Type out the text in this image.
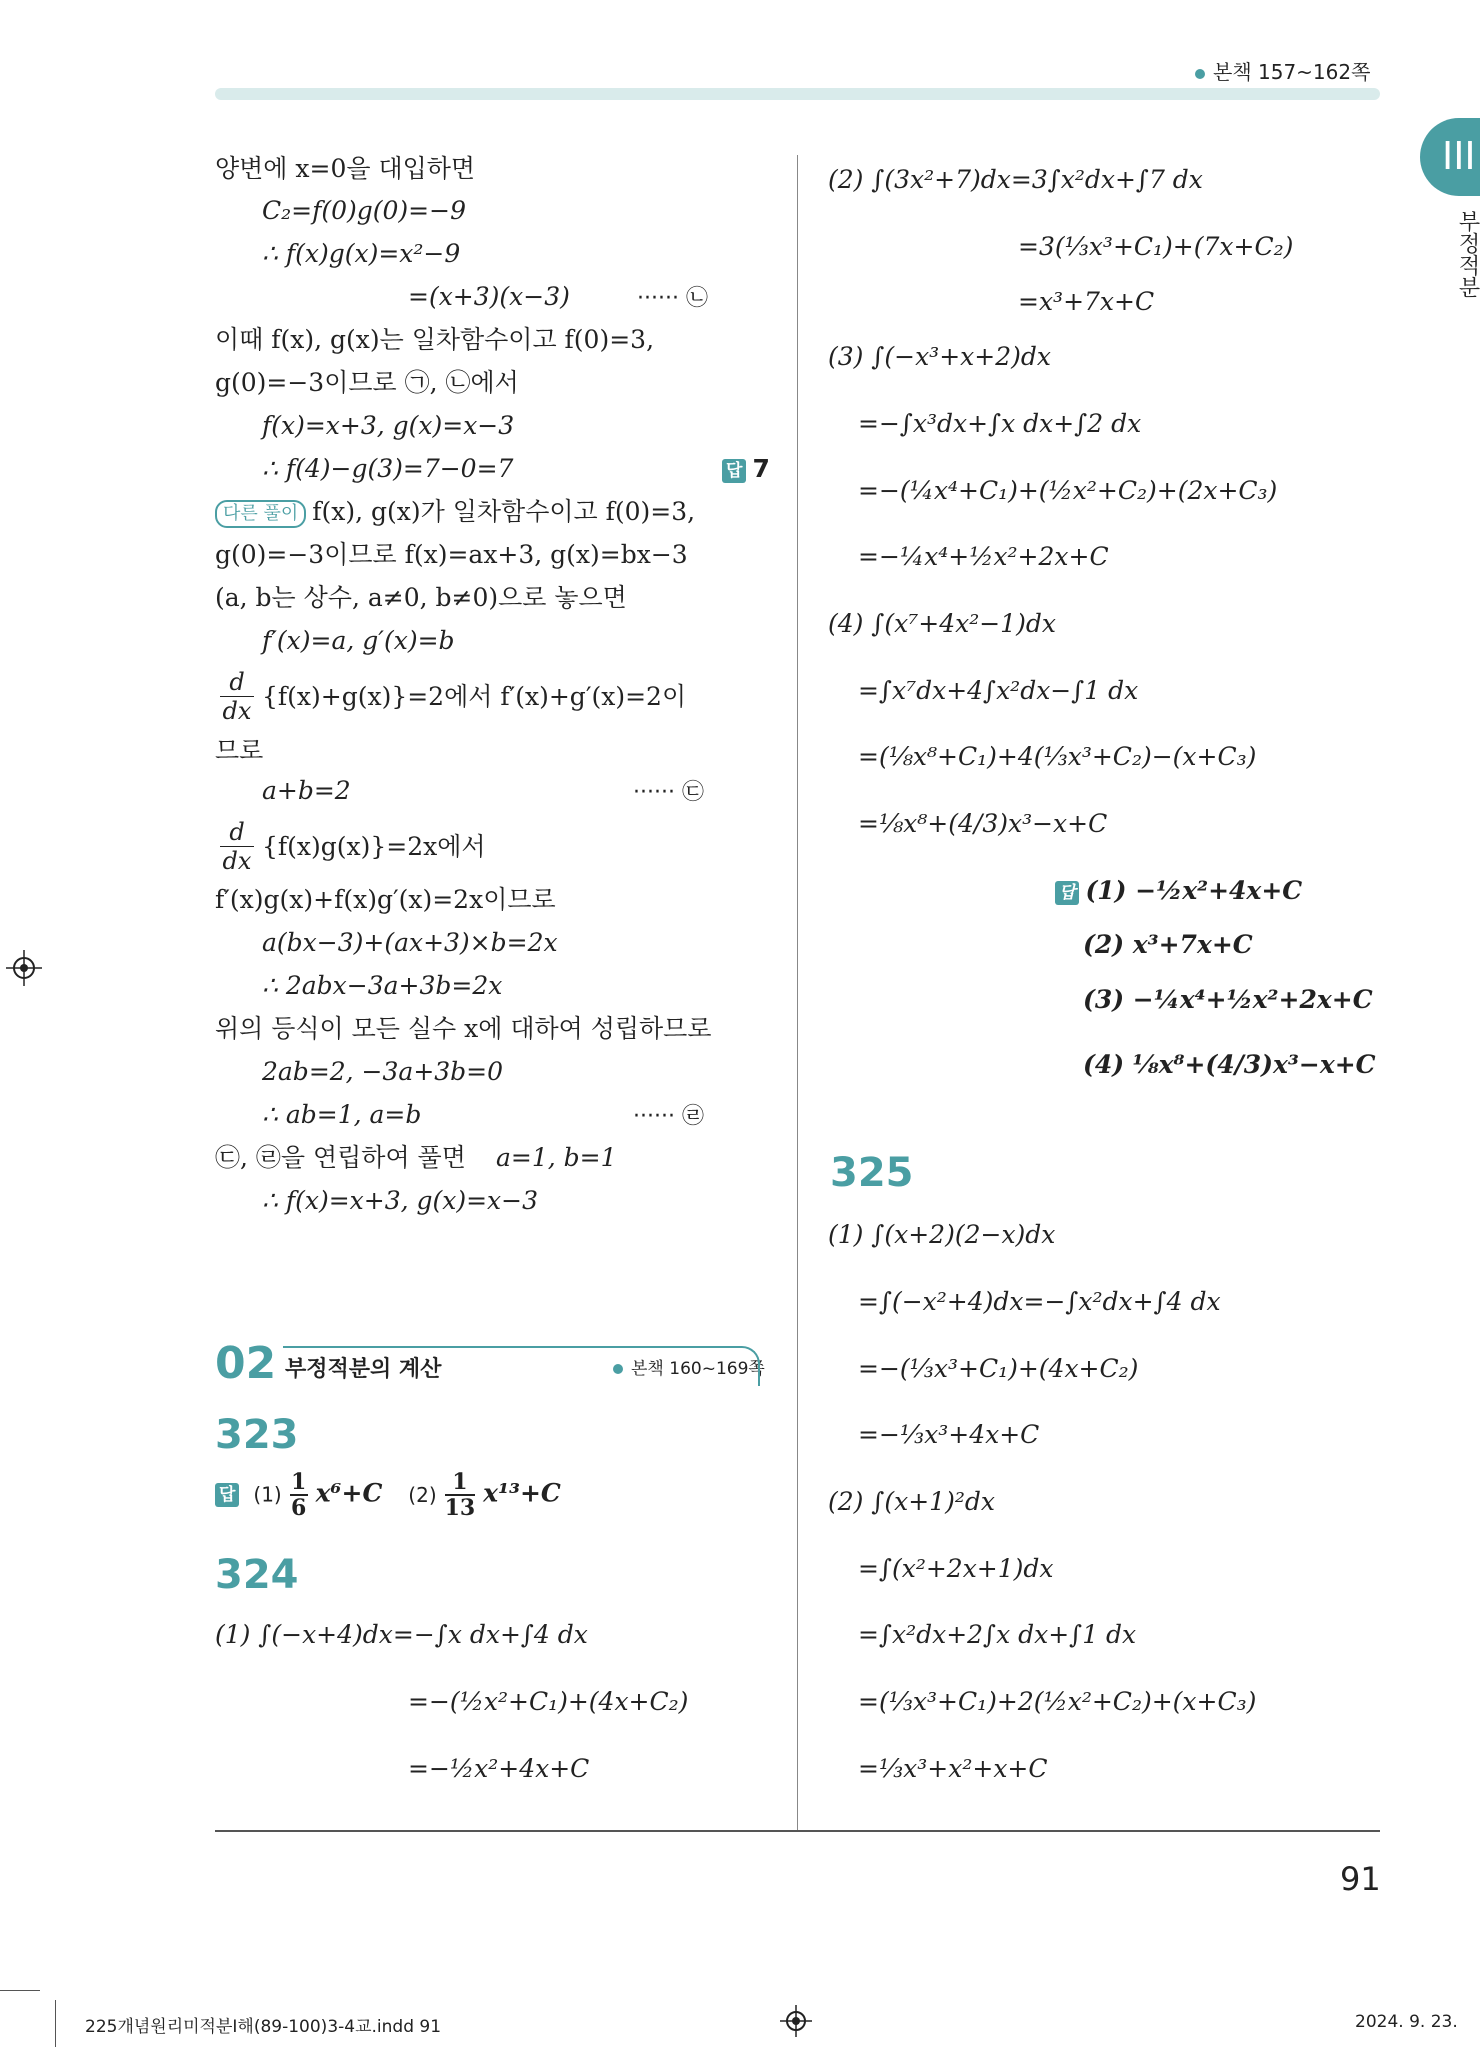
본책 157~162쪽
III
부정적분
양변에 x=0을 대입하면
C₂=f(0)g(0)=−9
∴ f(x)g(x)=x²−9
=(x+3)(x−3)	······ ㉡
이때 f(x), g(x)는 일차함수이고 f(0)=3,
g(0)=−3이므로 ㉠, ㉡에서
f(x)=x+3, g(x)=x−3
∴ f(4)−g(3)=7−0=7	답 7
다른 풀이 f(x), g(x)가 일차함수이고 f(0)=3,
g(0)=−3이므로 f(x)=ax+3, g(x)=bx−3
(a, b는 상수, a≠0, b≠0)으로 놓으면
f′(x)=a, g′(x)=b
d
dx {f(x)+g(x)}=2에서 f′(x)+g′(x)=2이
므로
a+b=2	······ ㉢
d
dx {f(x)g(x)}=2x에서
f′(x)g(x)+f(x)g′(x)=2x이므로
a(bx−3)+(ax+3)×b=2x
∴ 2abx−3a+3b=2x
위의 등식이 모든 실수 x에 대하여 성립하므로
2ab=2, −3a+3b=0
∴ ab=1, a=b	······ ㉣
㉢, ㉣을 연립하여 풀면 a=1, b=1
∴ f(x)=x+3, g(x)=x−3
02 부정적분의 계산	본책 160~169쪽
323
답 $(1) \frac{1}{6} x^6+C$ $(2) \frac{1}{13} x^{13}+C$
324
(1) ∫(−x+4)dx=−∫x dx+∫4 dx
=−(½x²+C₁)+(4x+C₂)
=−½x²+4x+C
(2) ∫(3x²+7)dx=3∫x²dx+∫7 dx
=3(⅓x³+C₁)+(7x+C₂)
=x³+7x+C
(3) ∫(−x³+x+2)dx
=−∫x³dx+∫x dx+∫2 dx
=−(¼x⁴+C₁)+(½x²+C₂)+(2x+C₃)
=−¼x⁴+½x²+2x+C
(4) ∫(x⁷+4x²−1)dx
=∫x⁷dx+4∫x²dx−∫1 dx
=(⅛x⁸+C₁)+4(⅓x³+C₂)−(x+C₃)
=⅛x⁸+(4/3)x³−x+C
답 (1) −½x²+4x+C
(2) x³+7x+C
(3) −¼x⁴+½x²+2x+C
(4) ⅛x⁸+(4/3)x³−x+C
325
(1) ∫(x+2)(2−x)dx
=∫(−x²+4)dx=−∫x²dx+∫4 dx
=−(⅓x³+C₁)+(4x+C₂)
=−⅓x³+4x+C
(2) ∫(x+1)²dx
=∫(x²+2x+1)dx
=∫x²dx+2∫x dx+∫1 dx
=(⅓x³+C₁)+2(½x²+C₂)+(x+C₃)
=⅓x³+x²+x+C
91
225개념원리미적분Ⅰ해(89-100)3-4교.indd 91	2024. 9. 23.
